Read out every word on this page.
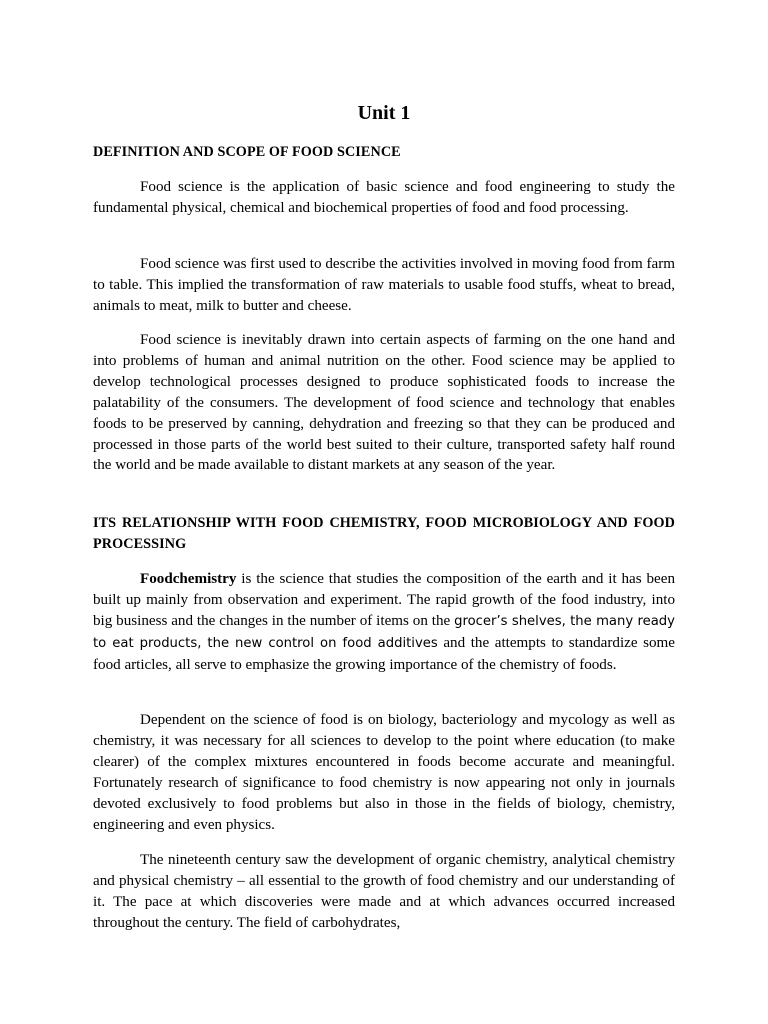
Unit 1
DEFINITION AND SCOPE OF FOOD SCIENCE

Food science is the application of basic science and food engineering to study the fundamental physical, chemical and biochemical properties of food and food processing.

Food science was first used to describe the activities involved in moving food from farm to table. This implied the transformation of raw materials to usable food stuffs, wheat to bread, animals to meat, milk to butter and cheese.

Food science is inevitably drawn into certain aspects of farming on the one hand and into problems of human and animal nutrition on the other. Food science may be applied to develop technological processes designed to produce sophisticated foods to increase the palatability of the consumers. The development of food science and technology that enables foods to be preserved by canning, dehydration and freezing so that they can be produced and processed in those parts of the world best suited to their culture, transported safety half round the world and be made available to distant markets at any season of the year.

ITS RELATIONSHIP WITH FOOD CHEMISTRY, FOOD MICROBIOLOGY AND FOOD PROCESSING

Foodchemistry is the science that studies the composition of the earth and it has been built up mainly from observation and experiment. The rapid growth of the food industry, into big business and the changes in the number of items on the grocer’s shelves, the many ready to eat products, the new control on food additives and the attempts to standardize some food articles, all serve to emphasize the growing importance of the chemistry of foods.

Dependent on the science of food is on biology, bacteriology and mycology as well as chemistry, it was necessary for all sciences to develop to the point where education (to make clearer) of the complex mixtures encountered in foods become accurate and meaningful. Fortunately research of significance to food chemistry is now appearing not only in journals devoted exclusively to food problems but also in those in the fields of biology, chemistry, engineering and even physics.

The nineteenth century saw the development of organic chemistry, analytical chemistry and physical chemistry – all essential to the growth of food chemistry and our understanding of it. The pace at which discoveries were made and at which advances occurred increased throughout the century. The field of carbohydrates,
